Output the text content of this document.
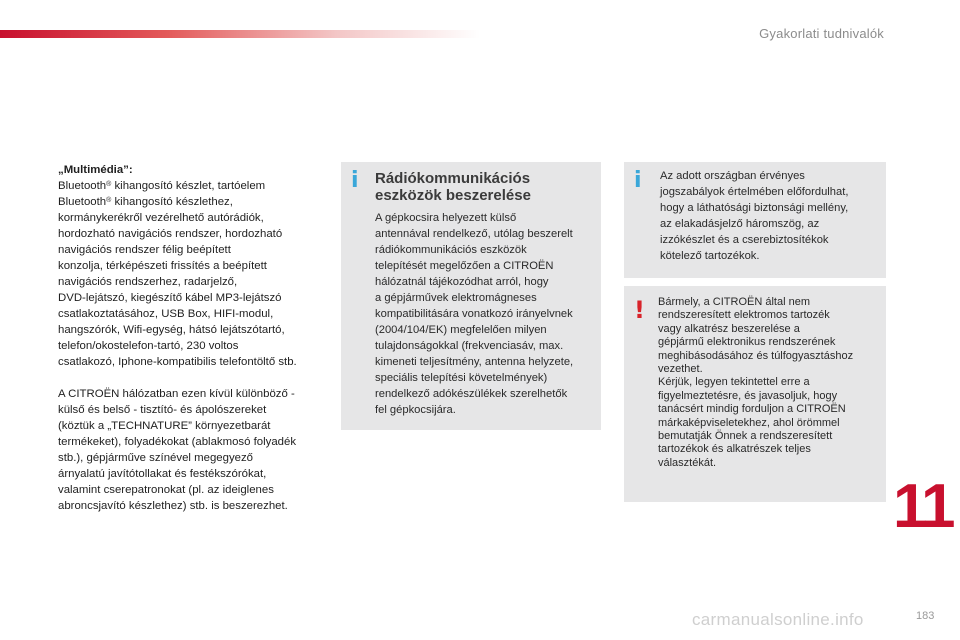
Gyakorlati tudnivalók

„Multimédia”:
Bluetooth® kihangosító készlet, tartóelem
Bluetooth® kihangosító készlethez,
kormánykerékről vezérelhető autórádiók,
hordozható navigációs rendszer, hordozható
navigációs rendszer félig beépített
konzolja, térképészeti frissítés a beépített
navigációs rendszerhez, radarjelző,
DVD-lejátszó, kiegészítő kábel MP3-lejátszó
csatlakoztatásához, USB Box, HIFI-modul,
hangszórók, Wifi-egység, hátsó lejátszótartó,
telefon/okostelefon-tartó, 230 voltos
csatlakozó, Iphone-kompatibilis telefontöltő stb.

A CITROËN hálózatban ezen kívül különböző -
külső és belső - tisztító- és ápolószereket
(köztük a „TECHNATURE” környezetbarát
termékeket), folyadékokat (ablakmosó folyadék
stb.), gépjárműve színével megegyező
árnyalatú javítótollakat és festékszórókat,
valamint cserepatronokat (pl. az ideiglenes
abroncsjavító készlethez) stb. is beszerezhet.

i Rádiókommunikációs eszközök beszerelése
A gépkocsira helyezett külső
antennával rendelkező, utólag beszerelt
rádiókommunikációs eszközök
telepítését megelőzően a CITROËN
hálózatnál tájékozódhat arról, hogy
a gépjárművek elektromágneses
kompatibilitására vonatkozó irányelvnek
(2004/104/EK) megfelelően milyen
tulajdonságokkal (frekvenciasáv, max.
kimeneti teljesítmény, antenna helyzete,
speciális telepítési követelmények)
rendelkező adókészülékek szerelhetők
fel gépkocsijára.
i Az adott országban érvényes
jogszabályok értelmében előfordulhat,
hogy a láthatósági biztonsági mellény,
az elakadásjelző háromszög, az
izzókészlet és a cserebiztosítékok
kötelező tartozékok.
! Bármely, a CITROËN által nem
rendszeresített elektromos tartozék
vagy alkatrész beszerelése a
gépjármű elektronikus rendszerének
meghibásodásához és túlfogyasztáshoz
vezethet.
Kérjük, legyen tekintettel erre a
figyelmeztetésre, és javasoljuk, hogy
tanácsért mindig forduljon a CITROËN
márkaképviseletekhez, ahol örömmel
bemutatják Önnek a rendszeresített
tartozékok és alkatrészek teljes
választékát.
11
carmanualsonline.info	183
